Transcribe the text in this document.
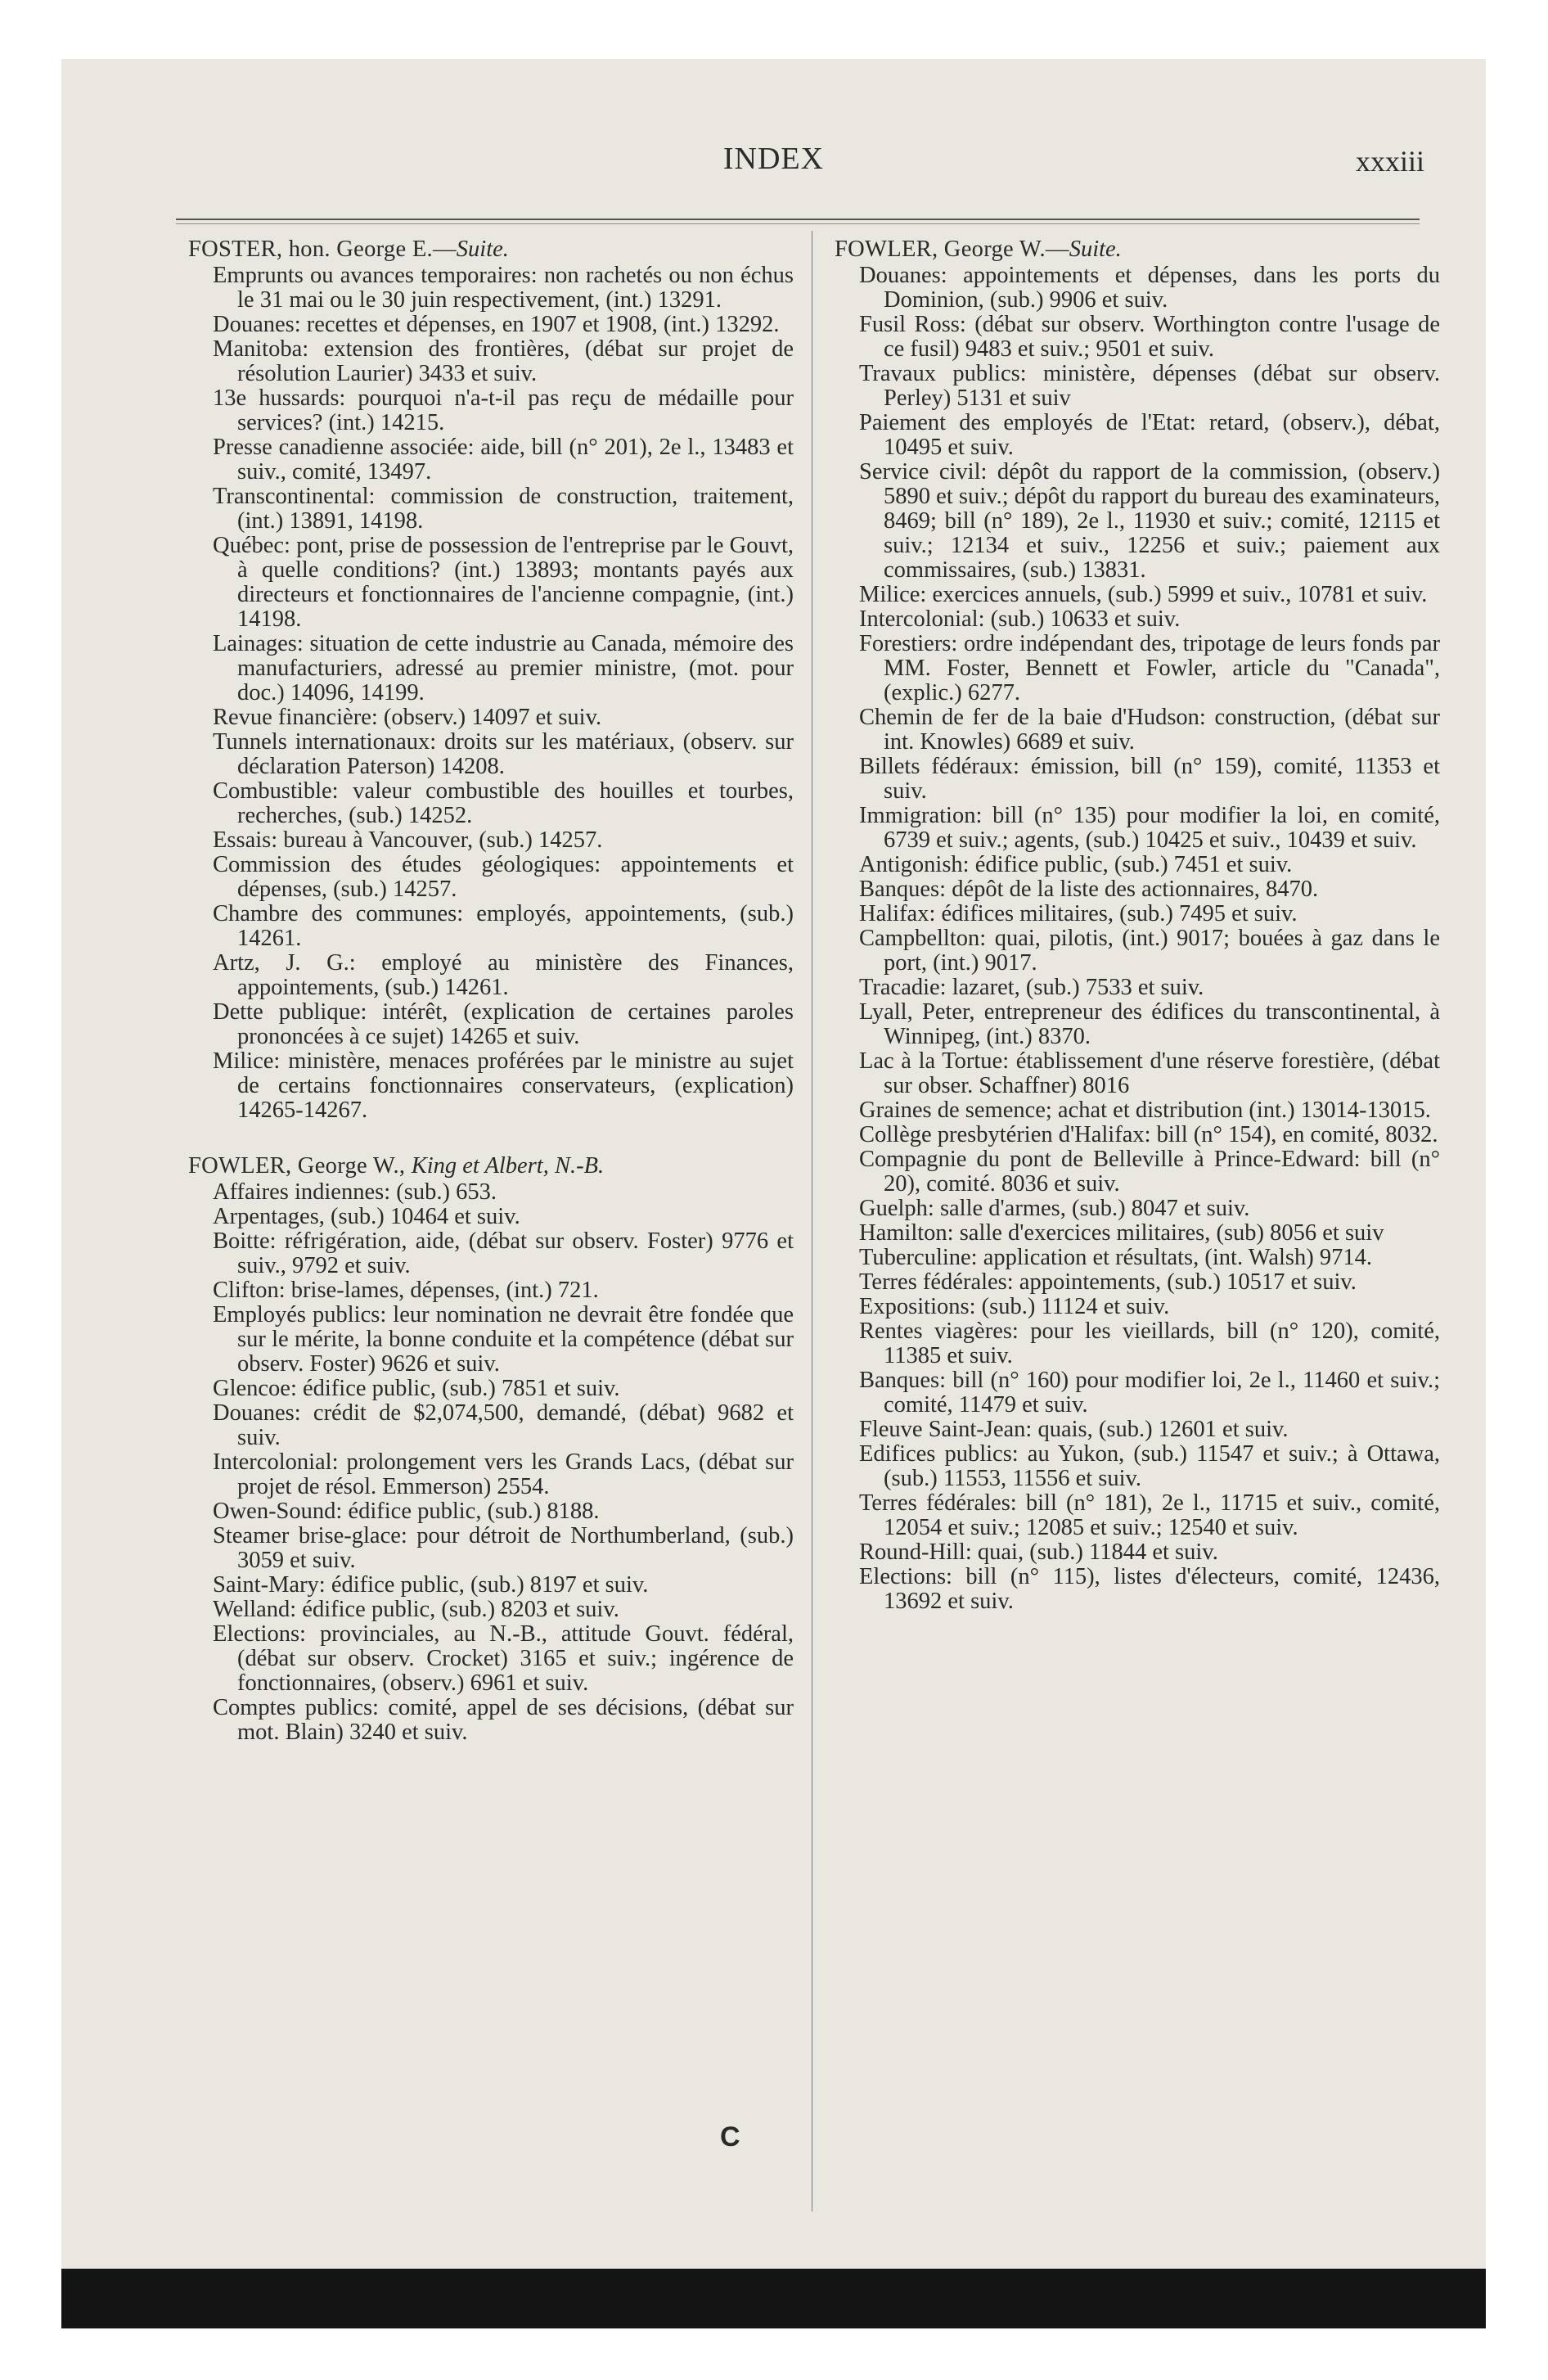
INDEX	xxxiii

FOSTER, hon. George E.—Suite.

Emprunts ou avances temporaires: non rachetés ou non échus le 31 mai ou le 30 juin respectivement, (int.) 13291.

Douanes: recettes et dépenses, en 1907 et 1908, (int.) 13292.

Manitoba: extension des frontières, (débat sur projet de résolution Laurier) 3433 et suiv.

13e hussards: pourquoi n'a-t-il pas reçu de médaille pour services? (int.) 14215.

Presse canadienne associée: aide, bill (n° 201), 2e l., 13483 et suiv., comité, 13497.

Transcontinental: commission de construction, traitement, (int.) 13891, 14198.

Québec: pont, prise de possession de l'entreprise par le Gouvt, à quelle conditions? (int.) 13893; montants payés aux directeurs et fonctionnaires de l'ancienne compagnie, (int.) 14198.

Lainages: situation de cette industrie au Canada, mémoire des manufacturiers, adressé au premier ministre, (mot. pour doc.) 14096, 14199.

Revue financière: (observ.) 14097 et suiv.

Tunnels internationaux: droits sur les matériaux, (observ. sur déclaration Paterson) 14208.

Combustible: valeur combustible des houilles et tourbes, recherches, (sub.) 14252.

Essais: bureau à Vancouver, (sub.) 14257.

Commission des études géologiques: appointements et dépenses, (sub.) 14257.

Chambre des communes: employés, appointements, (sub.) 14261.

Artz, J. G.: employé au ministère des Finances, appointements, (sub.) 14261.

Dette publique: intérêt, (explication de certaines paroles prononcées à ce sujet) 14265 et suiv.

Milice: ministère, menaces proférées par le ministre au sujet de certains fonctionnaires conservateurs, (explication) 14265-14267.

FOWLER, George W., King et Albert, N.-B.

Affaires indiennes: (sub.) 653.

Arpentages, (sub.) 10464 et suiv.

Boitte: réfrigération, aide, (débat sur observ. Foster) 9776 et suiv., 9792 et suiv.

Clifton: brise-lames, dépenses, (int.) 721.

Employés publics: leur nomination ne devrait être fondée que sur le mérite, la bonne conduite et la compétence (débat sur observ. Foster) 9626 et suiv.

Glencoe: édifice public, (sub.) 7851 et suiv.

Douanes: crédit de $2,074,500, demandé, (débat) 9682 et suiv.

Intercolonial: prolongement vers les Grands Lacs, (débat sur projet de résol. Emmerson) 2554.

Owen-Sound: édifice public, (sub.) 8188.

Steamer brise-glace: pour détroit de Northumberland, (sub.) 3059 et suiv.

Saint-Mary: édifice public, (sub.) 8197 et suiv.

Welland: édifice public, (sub.) 8203 et suiv.

Elections: provinciales, au N.-B., attitude Gouvt. fédéral, (débat sur observ. Crocket) 3165 et suiv.; ingérence de fonctionnaires, (observ.) 6961 et suiv.

Comptes publics: comité, appel de ses décisions, (débat sur mot. Blain) 3240 et suiv.

FOWLER, George W.—Suite.

Douanes: appointements et dépenses, dans les ports du Dominion, (sub.) 9906 et suiv.

Fusil Ross: (débat sur observ. Worthington contre l'usage de ce fusil) 9483 et suiv.; 9501 et suiv.

Travaux publics: ministère, dépenses (débat sur observ. Perley) 5131 et suiv

Paiement des employés de l'Etat: retard, (observ.), débat, 10495 et suiv.

Service civil: dépôt du rapport de la commission, (observ.) 5890 et suiv.; dépôt du rapport du bureau des examinateurs, 8469; bill (n° 189), 2e l., 11930 et suiv.; comité, 12115 et suiv.; 12134 et suiv., 12256 et suiv.; paiement aux commissaires, (sub.) 13831.

Milice: exercices annuels, (sub.) 5999 et suiv., 10781 et suiv.

Intercolonial: (sub.) 10633 et suiv.

Forestiers: ordre indépendant des, tripotage de leurs fonds par MM. Foster, Bennett et Fowler, article du "Canada", (explic.) 6277.

Chemin de fer de la baie d'Hudson: construction, (débat sur int. Knowles) 6689 et suiv.

Billets fédéraux: émission, bill (n° 159), comité, 11353 et suiv.

Immigration: bill (n° 135) pour modifier la loi, en comité, 6739 et suiv.; agents, (sub.) 10425 et suiv., 10439 et suiv.

Antigonish: édifice public, (sub.) 7451 et suiv.

Banques: dépôt de la liste des actionnaires, 8470.

Halifax: édifices militaires, (sub.) 7495 et suiv.

Campbellton: quai, pilotis, (int.) 9017; bouées à gaz dans le port, (int.) 9017.

Tracadie: lazaret, (sub.) 7533 et suiv.

Lyall, Peter, entrepreneur des édifices du transcontinental, à Winnipeg, (int.) 8370.

Lac à la Tortue: établissement d'une réserve forestière, (débat sur obser. Schaffner) 8016

Graines de semence; achat et distribution (int.) 13014-13015.

Collège presbytérien d'Halifax: bill (n° 154), en comité, 8032.

Compagnie du pont de Belleville à Prince-Edward: bill (n° 20), comité. 8036 et suiv.

Guelph: salle d'armes, (sub.) 8047 et suiv.

Hamilton: salle d'exercices militaires, (sub) 8056 et suiv

Tuberculine: application et résultats, (int. Walsh) 9714.

Terres fédérales: appointements, (sub.) 10517 et suiv.

Expositions: (sub.) 11124 et suiv.

Rentes viagères: pour les vieillards, bill (n° 120), comité, 11385 et suiv.

Banques: bill (n° 160) pour modifier loi, 2e l., 11460 et suiv.; comité, 11479 et suiv.

Fleuve Saint-Jean: quais, (sub.) 12601 et suiv.

Edifices publics: au Yukon, (sub.) 11547 et suiv.; à Ottawa, (sub.) 11553, 11556 et suiv.

Terres fédérales: bill (n° 181), 2e l., 11715 et suiv., comité, 12054 et suiv.; 12085 et suiv.; 12540 et suiv.

Round-Hill: quai, (sub.) 11844 et suiv.

Elections: bill (n° 115), listes d'électeurs, comité, 12436, 13692 et suiv.

C
